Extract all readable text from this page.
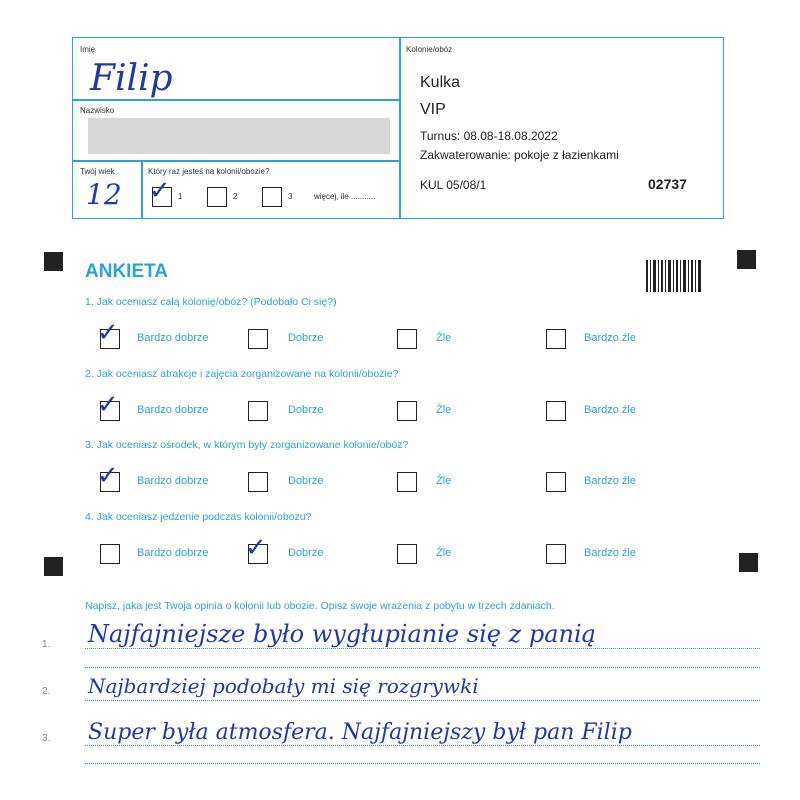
Imię
Filip
Nazwisko
Twój wiek
12
Który raz jesteś na kolonii/obozie?
✓ 1	2	3	więcej, ile ...........
Kolonie/obóz
Kulka
VIP
Turnus: 08.08-18.08.2022
Zakwaterowanie: pokoje z łazienkami
KUL 05/08/1	02737
ANKIETA
1. Jak oceniasz całą kolonię/obóz? (Podobało Ci się?)
✓ Bardzo dobrze	Dobrze	Źle	Bardzo źle
2. Jak oceniasz atrakcje i zajęcia zorganizowane na kolonii/obozie?
✓ Bardzo dobrze	Dobrze	Źle	Bardzo źle
3. Jak oceniasz ośrodek, w którym były zorganizowane kolonie/obóz?
✓ Bardzo dobrze	Dobrze	Źle	Bardzo źle
4. Jak oceniasz jedzenie podczas kolonii/obozu?
Bardzo dobrze ✓ Dobrze	Źle	Bardzo źle
Napisz, jaka jest Twoja opinia o kolonii lub obozie. Opisz swoje wrażenia z pobytu w trzech zdaniach.
1.
2.
3.
Najfajniejsze było wygłupianie się z panią
Najbardziej podobały mi się rozgrywki
Super była atmosfera. Najfajniejszy był pan Filip
